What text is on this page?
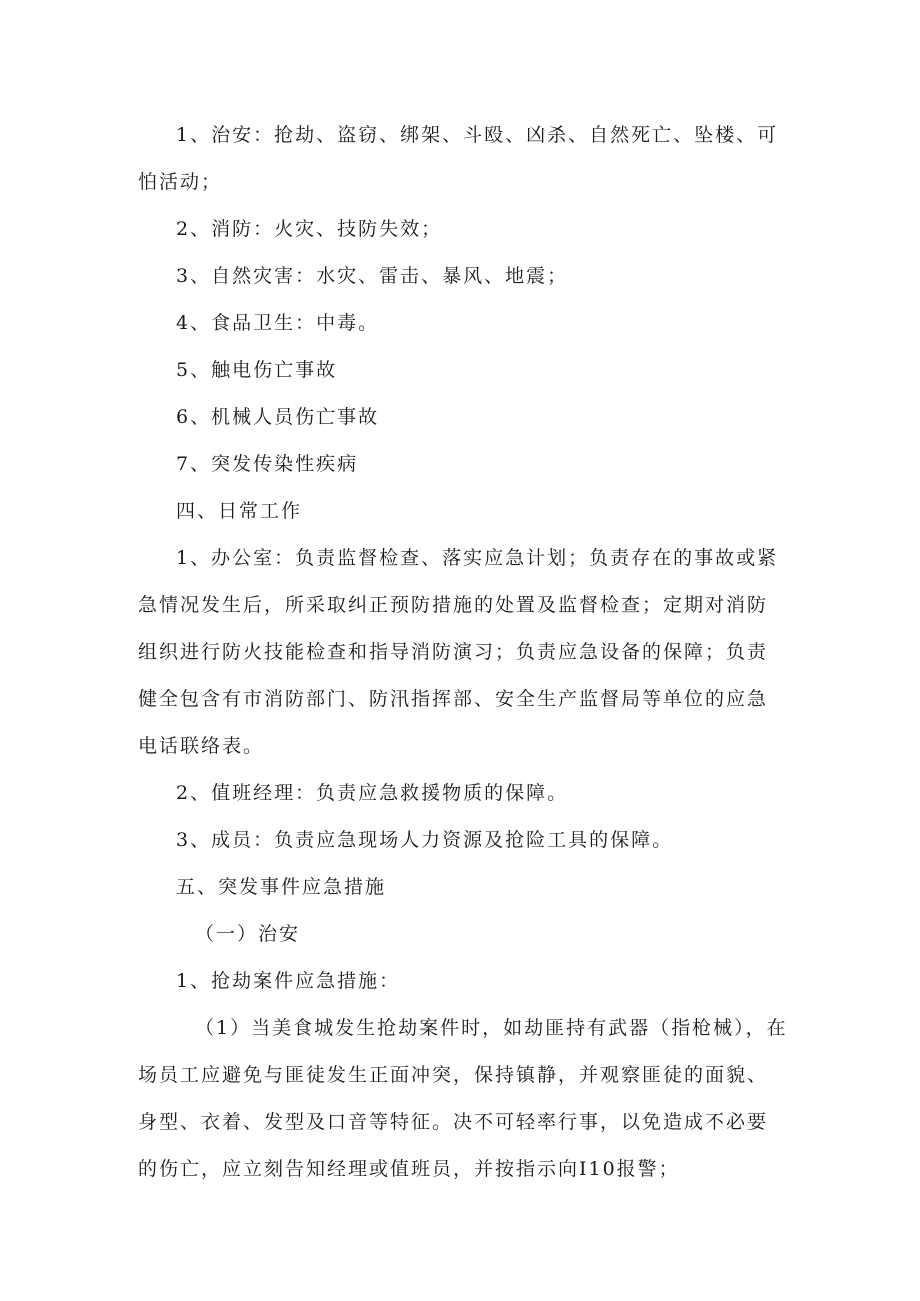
1、治安：抢劫、盗窃、绑架、斗殴、凶杀、自然死亡、坠楼、可怕活动；

2、消防：火灾、技防失效；

3、自然灾害：水灾、雷击、暴风、地震；

4、食品卫生：中毒。

5、触电伤亡事故

6、机械人员伤亡事故

7、突发传染性疾病

四、日常工作

1、办公室：负责监督检查、落实应急计划；负责存在的事故或紧急情况发生后，所采取纠正预防措施的处置及监督检查；定期对消防组织进行防火技能检查和指导消防演习；负责应急设备的保障；负责健全包含有市消防部门、防汛指挥部、安全生产监督局等单位的应急电话联络表。

2、值班经理：负责应急救援物质的保障。

3、成员：负责应急现场人力资源及抢险工具的保障。

五、突发事件应急措施

（一）治安

1、抢劫案件应急措施：

（1）当美食城发生抢劫案件时，如劫匪持有武器（指枪械），在场员工应避免与匪徒发生正面冲突，保持镇静，并观察匪徒的面貌、身型、衣着、发型及口音等特征。决不可轻率行事，以免造成不必要的伤亡，应立刻告知经理或值班员，并按指示向I10报警；
